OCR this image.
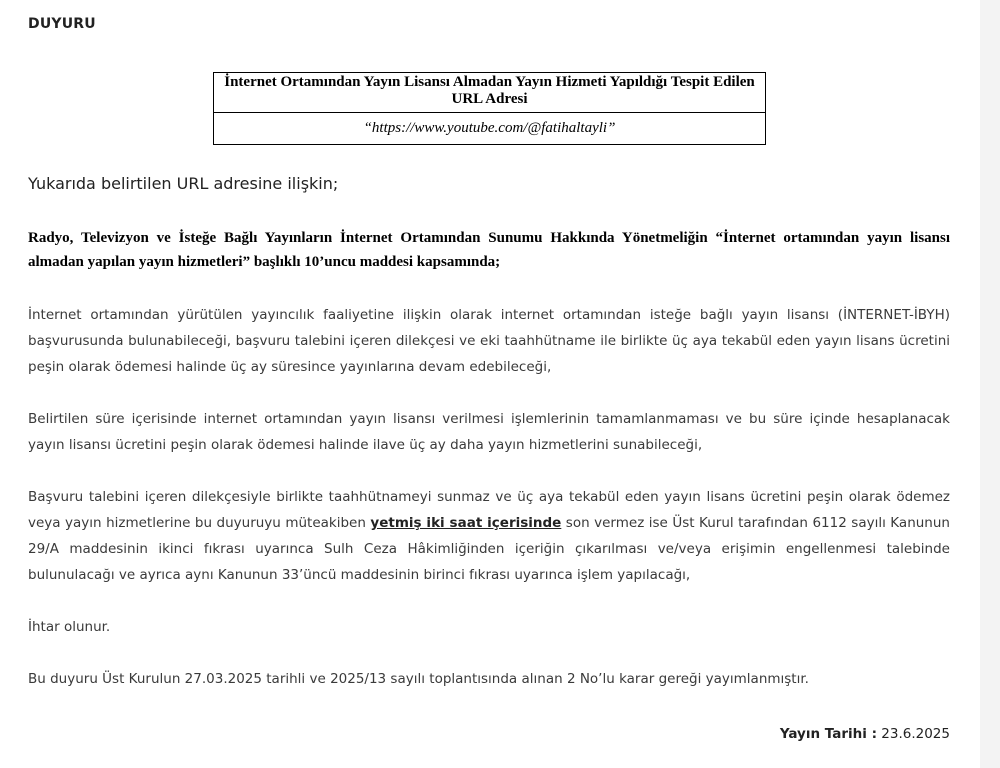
DUYURU
İnternet Ortamından Yayın Lisansı Almadan Yayın Hizmeti Yapıldığı Tespit Edilen URL Adresi
“https://www.youtube.com/@fatihaltayli”
Yukarıda belirtilen URL adresine ilişkin;
Radyo, Televizyon ve İsteğe Bağlı Yayınların İnternet Ortamından Sunumu Hakkında Yönetmeliğin “İnternet ortamından yayın lisansı almadan yapılan yayın hizmetleri” başlıklı 10’uncu maddesi kapsamında;
İnternet ortamından yürütülen yayıncılık faaliyetine ilişkin olarak internet ortamından isteğe bağlı yayın lisansı (İNTERNET-İBYH) başvurusunda bulunabileceği, başvuru talebini içeren dilekçesi ve eki taahhütname ile birlikte üç aya tekabül eden yayın lisans ücretini peşin olarak ödemesi halinde üç ay süresince yayınlarına devam edebileceği,
Belirtilen süre içerisinde internet ortamından yayın lisansı verilmesi işlemlerinin tamamlanmaması ve bu süre içinde hesaplanacak yayın lisansı ücretini peşin olarak ödemesi halinde ilave üç ay daha yayın hizmetlerini sunabileceği,
Başvuru talebini içeren dilekçesiyle birlikte taahhütnameyi sunmaz ve üç aya tekabül eden yayın lisans ücretini peşin olarak ödemez veya yayın hizmetlerine bu duyuruyu müteakiben yetmiş iki saat içerisinde son vermez ise Üst Kurul tarafından 6112 sayılı Kanunun 29/A maddesinin ikinci fıkrası uyarınca Sulh Ceza Hâkimliğinden içeriğin çıkarılması ve/veya erişimin engellenmesi talebinde bulunulacağı ve ayrıca aynı Kanunun 33’üncü maddesinin birinci fıkrası uyarınca işlem yapılacağı,
İhtar olunur.
Bu duyuru Üst Kurulun 27.03.2025 tarihli ve 2025/13 sayılı toplantısında alınan 2 No’lu karar gereği yayımlanmıştır.
Yayın Tarihi : 23.6.2025
